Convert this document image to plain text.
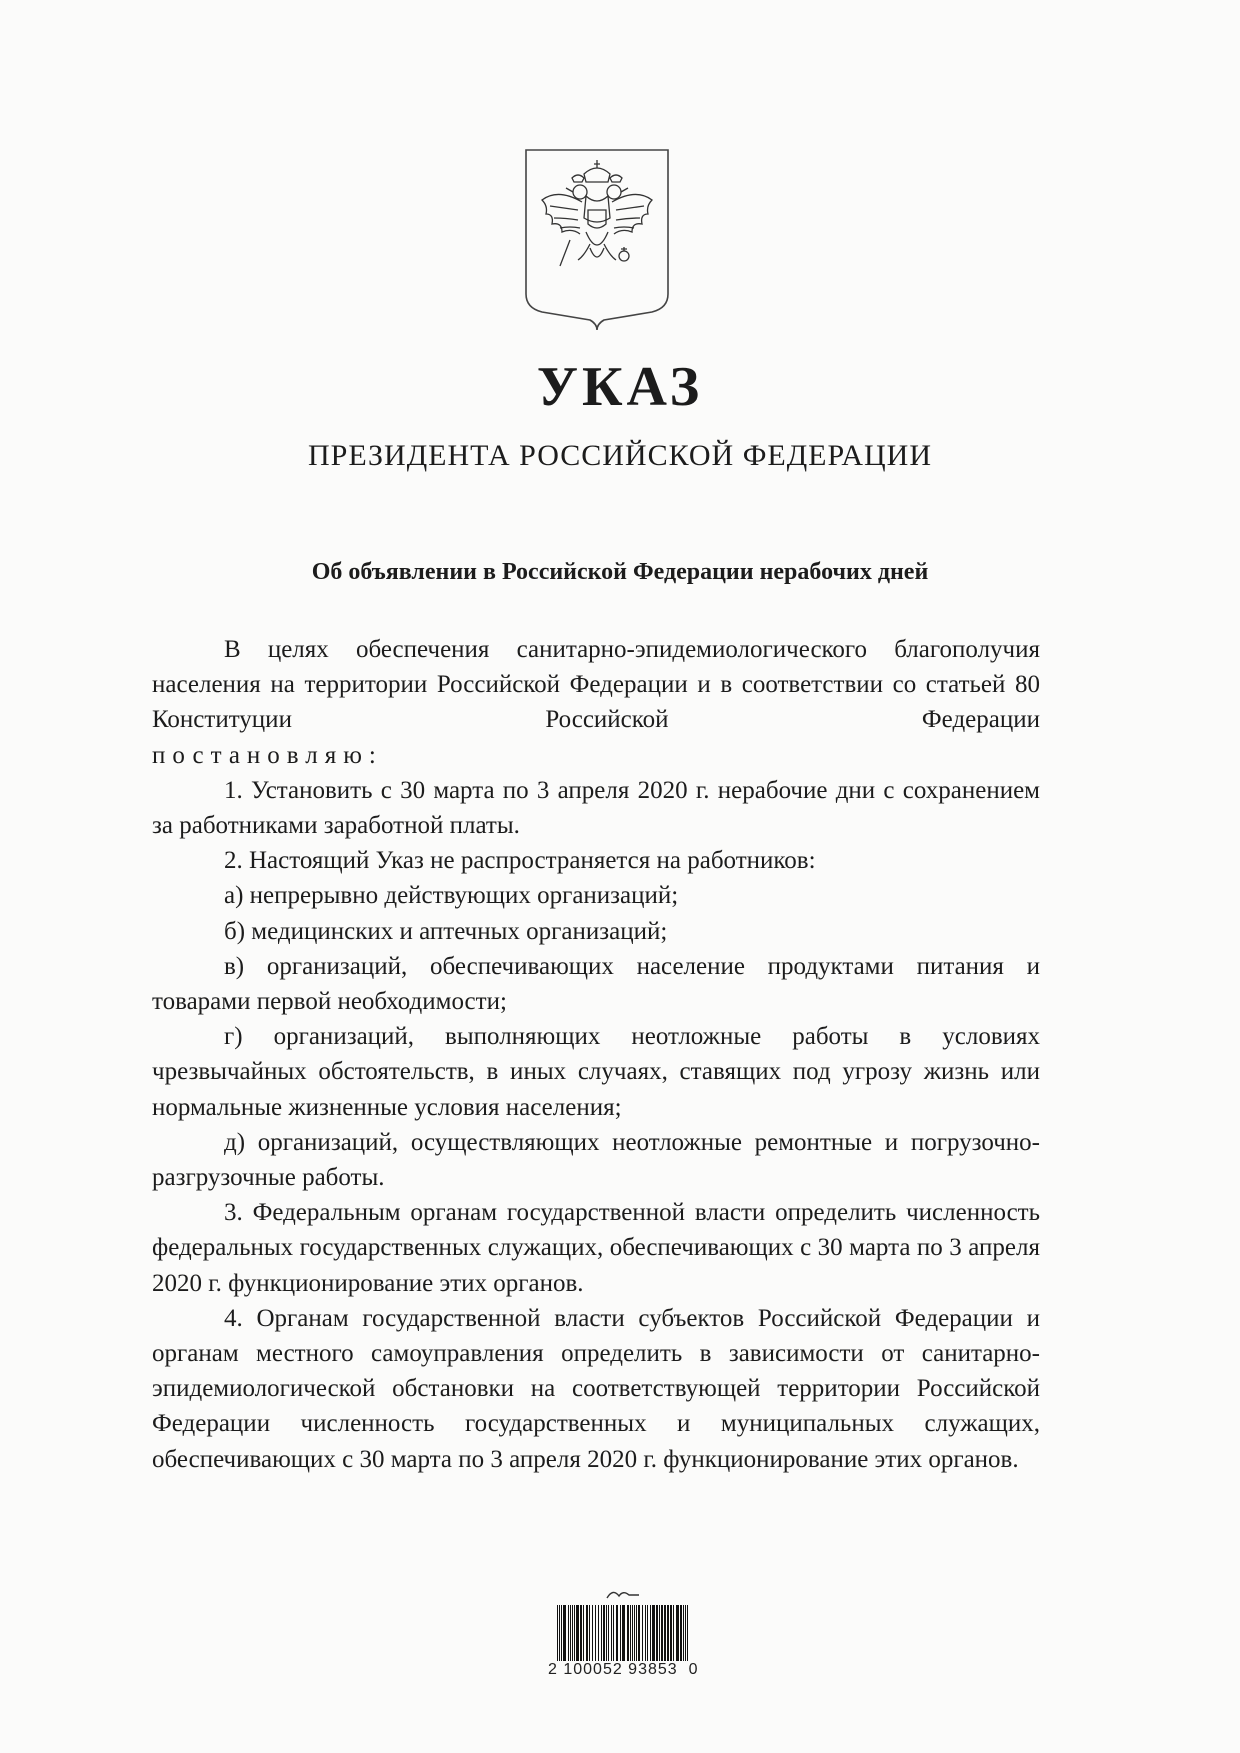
УКАЗ
ПРЕЗИДЕНТА РОССИЙСКОЙ ФЕДЕРАЦИИ
Об объявлении в Российской Федерации нерабочих дней

В целях обеспечения санитарно-эпидемиологического благополучия населения на территории Российской Федерации и в соответствии со статьей 80 Конституции Российской Федерации

постановляю:

1. Установить с 30 марта по 3 апреля 2020 г. нерабочие дни с сохранением за работниками заработной платы.

2. Настоящий Указ не распространяется на работников:

а) непрерывно действующих организаций;

б) медицинских и аптечных организаций;

в) организаций, обеспечивающих население продуктами питания и товарами первой необходимости;

г) организаций, выполняющих неотложные работы в условиях чрезвычайных обстоятельств, в иных случаях, ставящих под угрозу жизнь или нормальные жизненные условия населения;

д) организаций, осуществляющих неотложные ремонтные и погрузочно-разгрузочные работы.

3. Федеральным органам государственной власти определить численность федеральных государственных служащих, обеспечивающих с 30 марта по 3 апреля 2020 г. функционирование этих органов.

4. Органам государственной власти субъектов Российской Федерации и органам местного самоуправления определить в зависимости от санитарно-эпидемиологической обстановки на соответствующей территории Российской Федерации численность государственных и муниципальных служащих, обеспечивающих с 30 марта по 3 апреля 2020 г. функционирование этих органов.

2 100052 93853  0
